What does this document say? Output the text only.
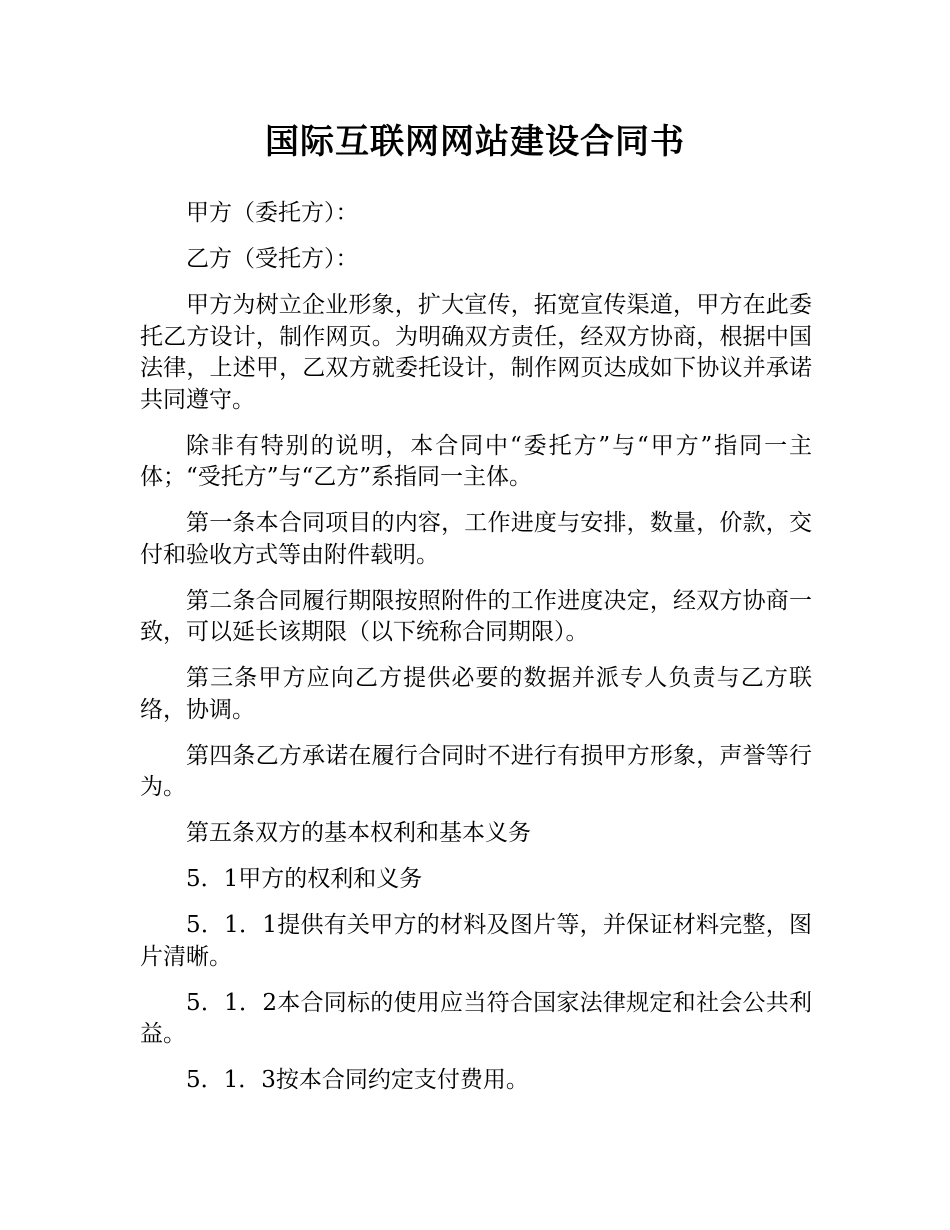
国际互联网网站建设合同书

甲方（委托方）：

乙方（受托方）：

甲方为树立企业形象，扩大宣传，拓宽宣传渠道，甲方在此委托乙方设计，制作网页。为明确双方责任，经双方协商，根据中国法律，上述甲，乙双方就委托设计，制作网页达成如下协议并承诺共同遵守。

除非有特别的说明，本合同中“委托方”与“甲方”指同一主体；“受托方”与“乙方”系指同一主体。

第一条本合同项目的内容，工作进度与安排，数量，价款，交付和验收方式等由附件载明。

第二条合同履行期限按照附件的工作进度决定，经双方协商一致，可以延长该期限（以下统称合同期限）。

第三条甲方应向乙方提供必要的数据并派专人负责与乙方联络，协调。

第四条乙方承诺在履行合同时不进行有损甲方形象，声誉等行为。

第五条双方的基本权利和基本义务

5．1甲方的权利和义务

5．1．1提供有关甲方的材料及图片等，并保证材料完整，图片清晰。

5．1．2本合同标的使用应当符合国家法律规定和社会公共利益。

5．1．3按本合同约定支付费用。
